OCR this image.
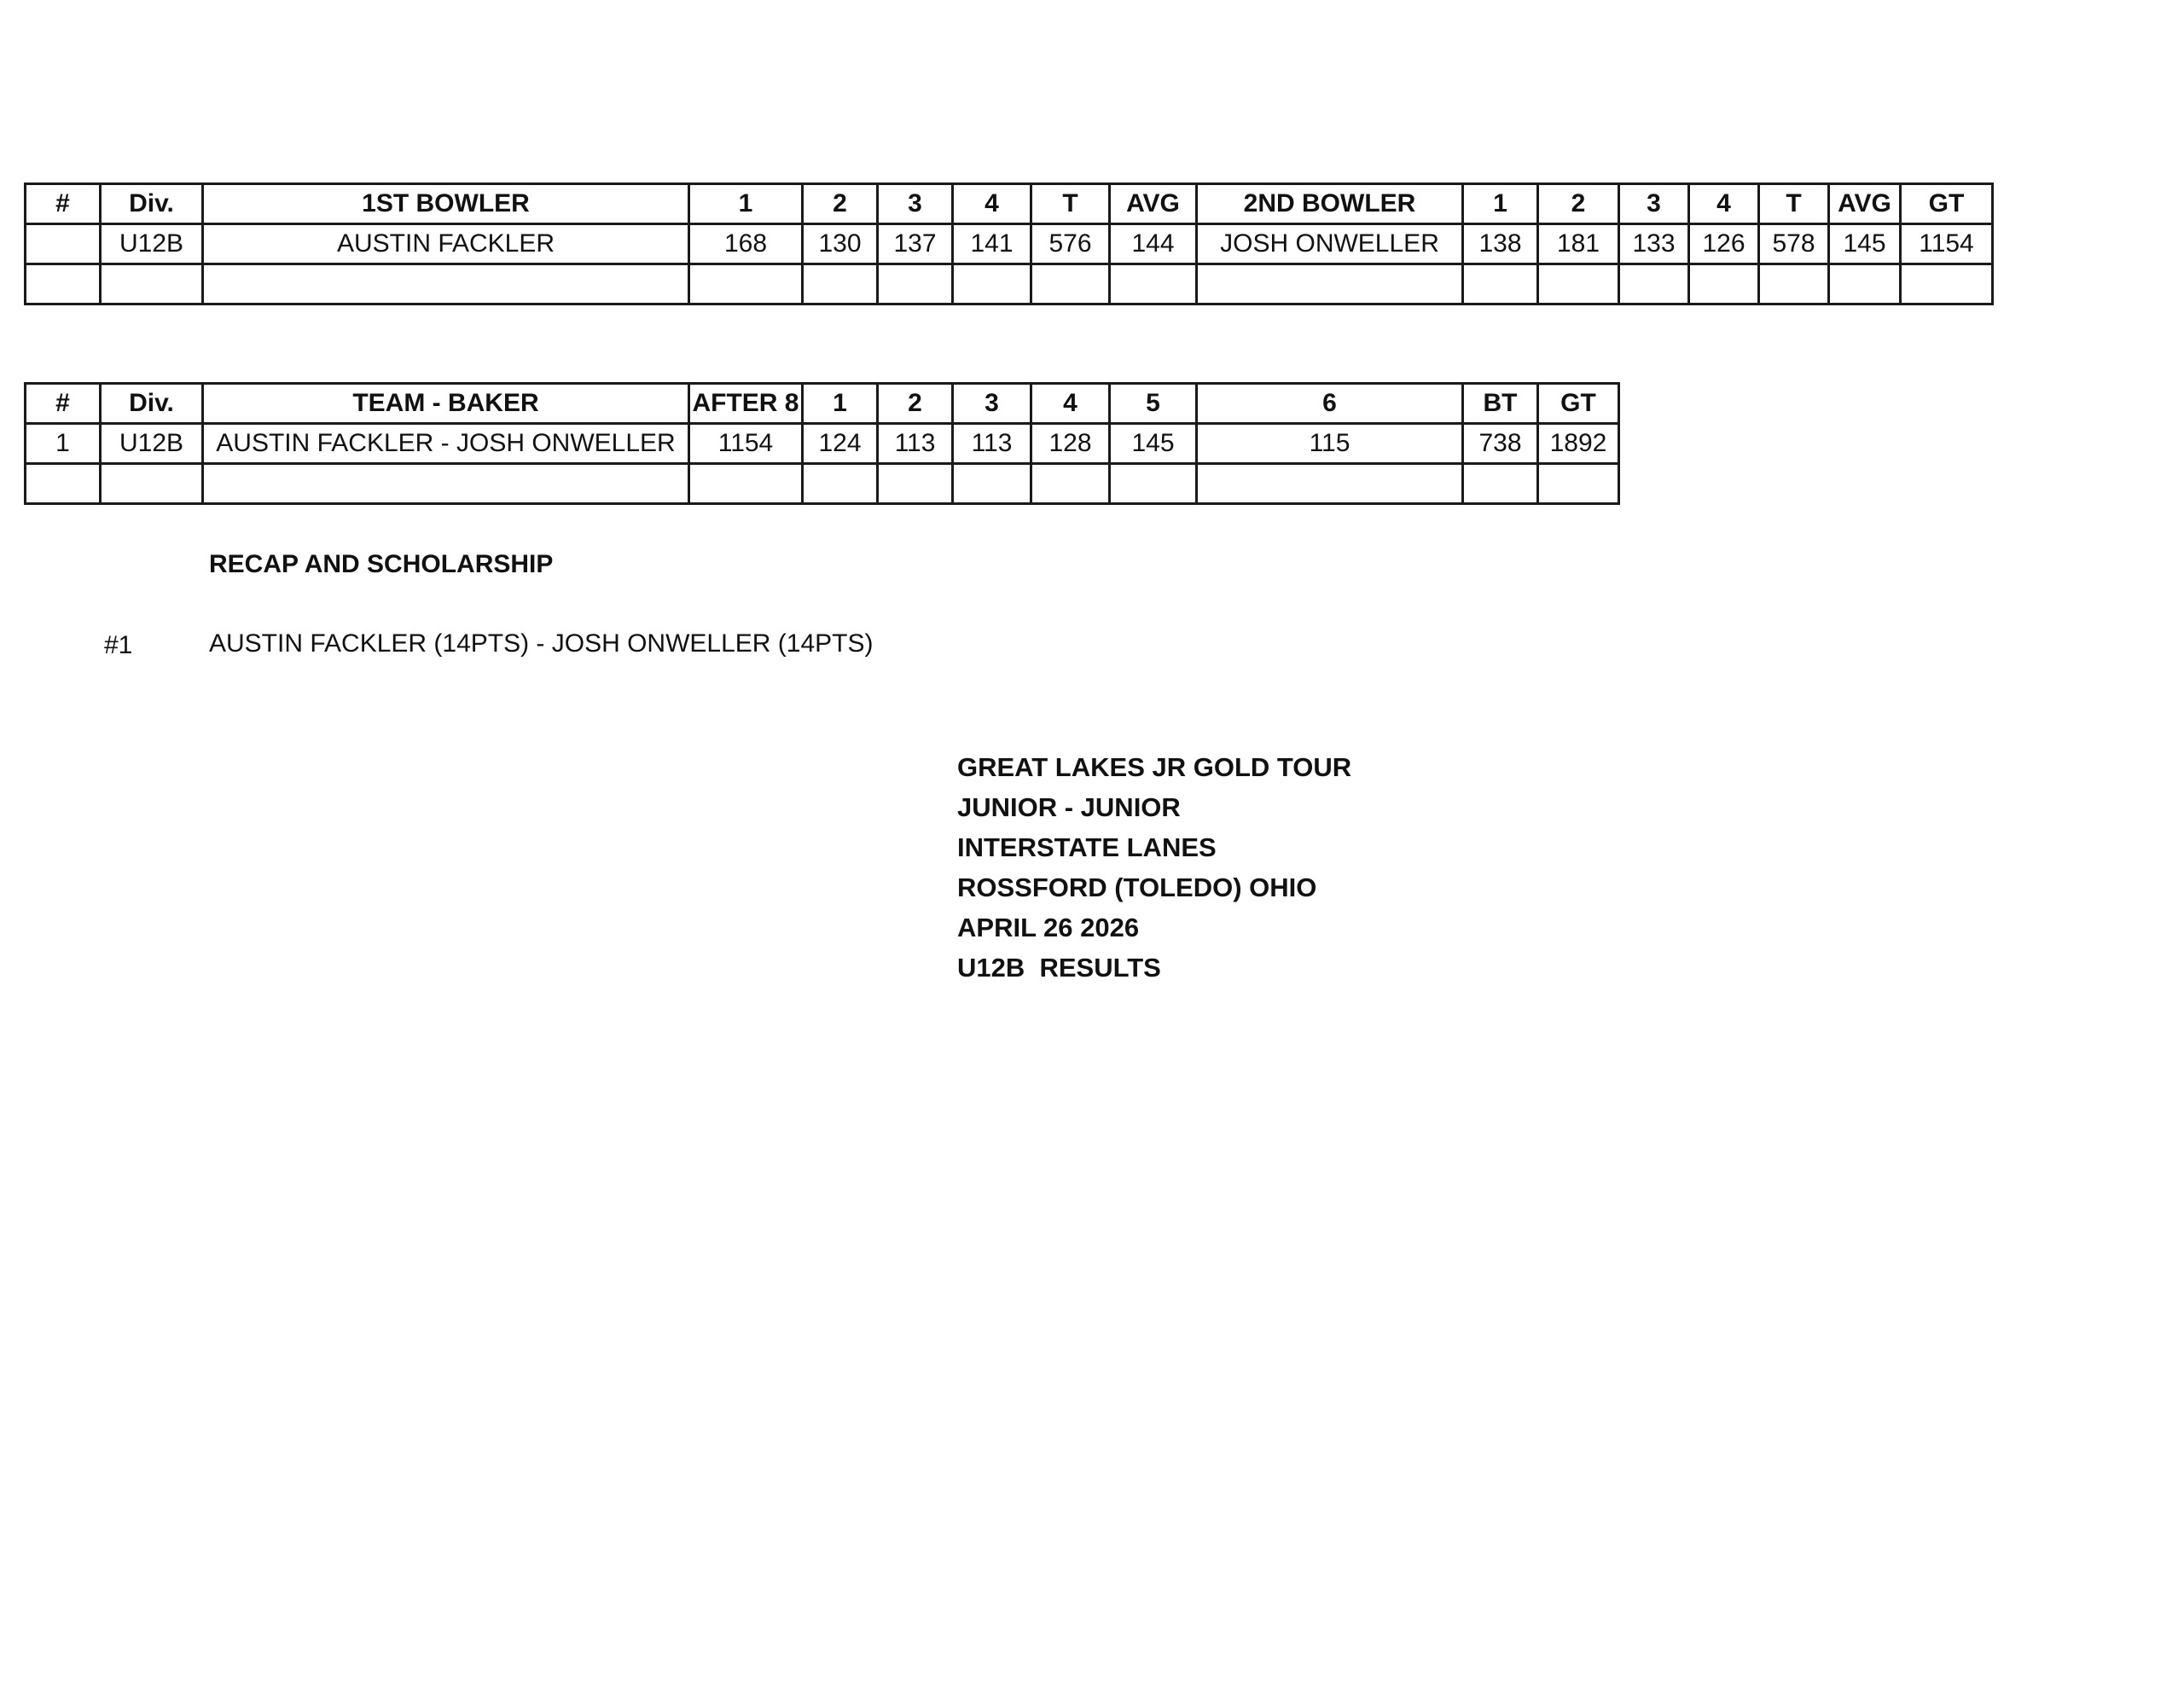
#	Div.	1ST BOWLER	1	2	3	4	T	AVG	2ND BOWLER	1	2	3	4	T	AVG	GT
	U12B	AUSTIN FACKLER	168	130	137	141	576	144	JOSH ONWELLER	138	181	133	126	578	145	1154

#	Div.	TEAM - BAKER	AFTER 8	1	2	3	4	5	6	BT	GT
1	U12B	AUSTIN FACKLER - JOSH ONWELLER	1154	124	113	113	128	145	115	738	1892

RECAP AND SCHOLARSHIP
#1	AUSTIN FACKLER (14PTS) - JOSH ONWELLER (14PTS)
GREAT LAKES JR GOLD TOUR
JUNIOR - JUNIOR
INTERSTATE LANES
ROSSFORD (TOLEDO) OHIO
APRIL 26 2026
U12B  RESULTS
